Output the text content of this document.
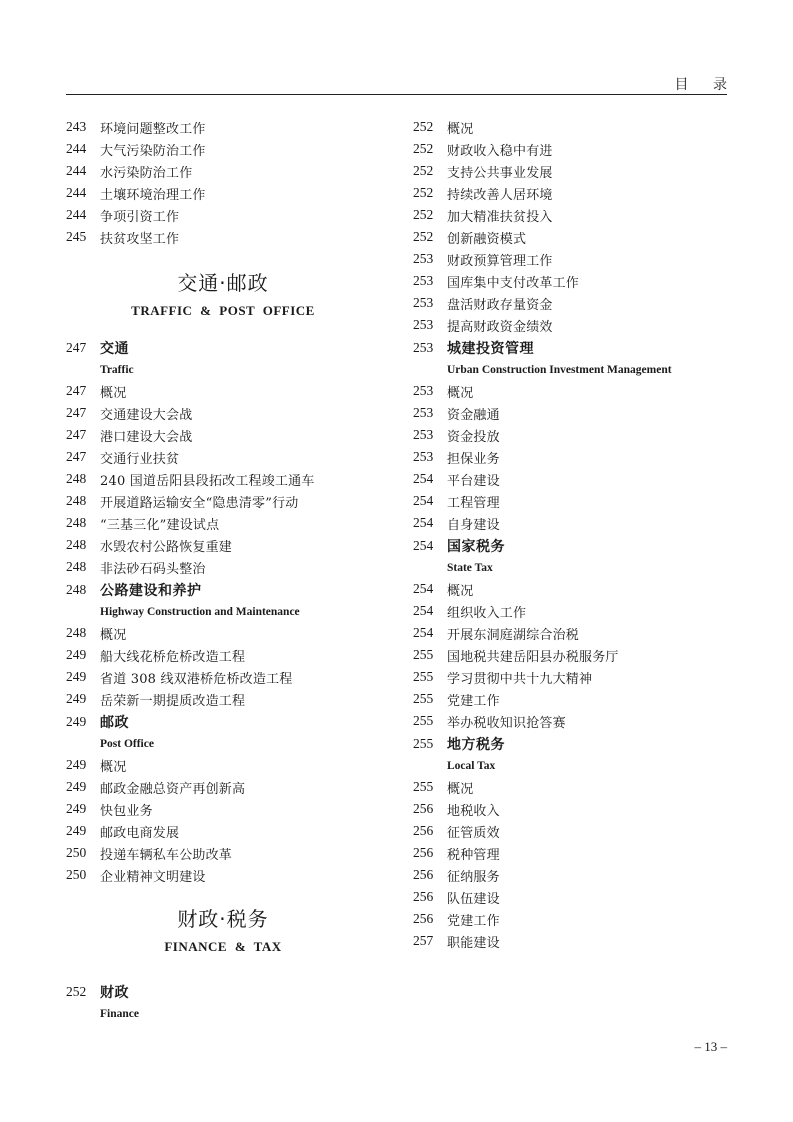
目 录
243	环境问题整改工作
244	大气污染防治工作
244	水污染防治工作
244	土壤环境治理工作
244	争项引资工作
245	扶贫攻坚工作
交通·邮政
TRAFFIC & POST OFFICE
247 交通
Traffic
247	概况
247	交通建设大会战
247	港口建设大会战
247	交通行业扶贫
248	240 国道岳阳县段拓改工程竣工通车
248	开展道路运输安全“隐患清零”行动
248	“三基三化”建设试点
248	水毁农村公路恢复重建
248	非法砂石码头整治
248 公路建设和养护
Highway Construction and Maintenance
248	概况
249	船大线花桥危桥改造工程
249	省道 308 线双港桥危桥改造工程
249	岳荣新一期提质改造工程
249 邮政
Post Office
249	概况
249	邮政金融总资产再创新高
249	快包业务
249	邮政电商发展
250	投递车辆私车公助改革
250	企业精神文明建设
财政·税务
FINANCE & TAX
252 财政
Finance
252	概况
252	财政收入稳中有进
252	支持公共事业发展
252	持续改善人居环境
252	加大精准扶贫投入
252	创新融资模式
253	财政预算管理工作
253	国库集中支付改革工作
253	盘活财政存量资金
253	提高财政资金绩效
253 城建投资管理
Urban Construction Investment Management
253	概况
253	资金融通
253	资金投放
253	担保业务
254	平台建设
254	工程管理
254	自身建设
254 国家税务
State Tax
254	概况
254	组织收入工作
254	开展东洞庭湖综合治税
255	国地税共建岳阳县办税服务厅
255	学习贯彻中共十九大精神
255	党建工作
255	举办税收知识抢答赛
255 地方税务
Local Tax
255	概况
256	地税收入
256	征管质效
256	税种管理
256	征纳服务
256	队伍建设
256	党建工作
257	职能建设
– 13 –
